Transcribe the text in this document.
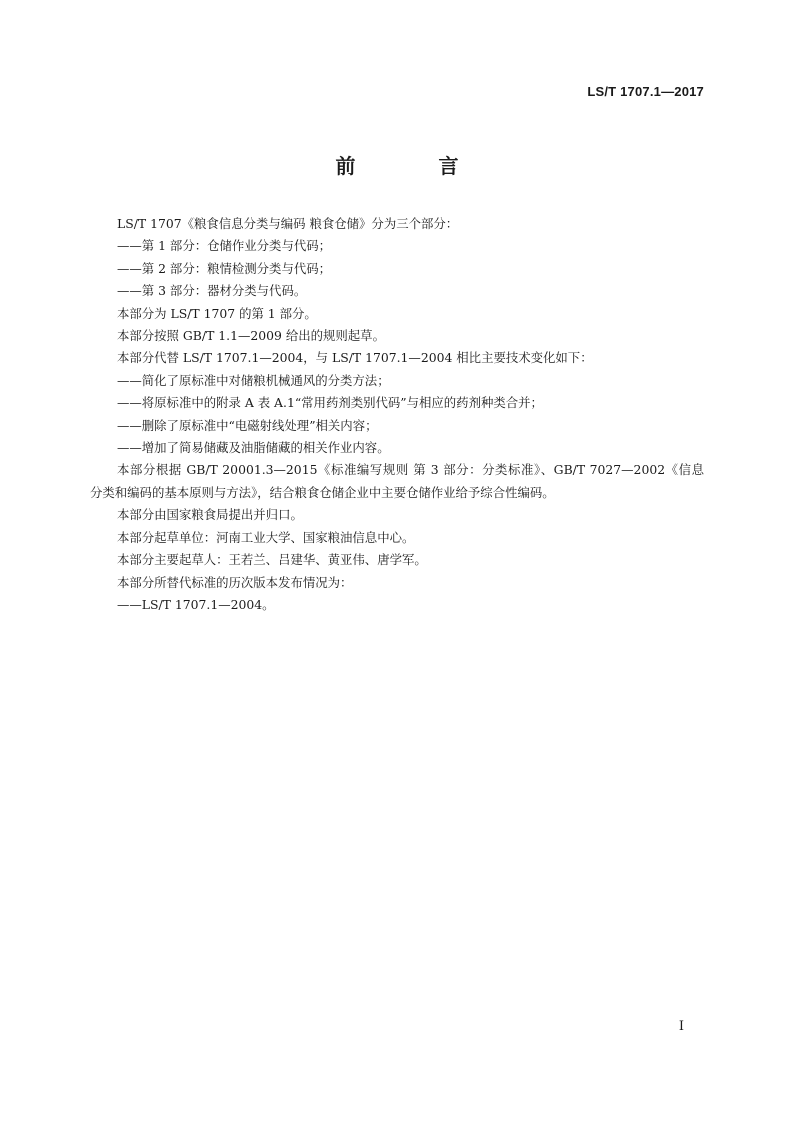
LS/T 1707.1—2017
前 言

LS/T 1707《粮食信息分类与编码 粮食仓储》分为三个部分：

——第 1 部分：仓储作业分类与代码；

——第 2 部分：粮情检测分类与代码；

——第 3 部分：器材分类与代码。

本部分为 LS/T 1707 的第 1 部分。

本部分按照 GB/T 1.1—2009 给出的规则起草。

本部分代替 LS/T 1707.1—2004，与 LS/T 1707.1—2004 相比主要技术变化如下：

——简化了原标准中对储粮机械通风的分类方法；

——将原标准中的附录 A 表 A.1“常用药剂类别代码”与相应的药剂种类合并；

——删除了原标准中“电磁射线处理”相关内容；

——增加了简易储藏及油脂储藏的相关作业内容。

本部分根据 GB/T 20001.3—2015《标准编写规则 第 3 部分：分类标准》、GB/T 7027—2002《信息

分类和编码的基本原则与方法》，结合粮食仓储企业中主要仓储作业给予综合性编码。

本部分由国家粮食局提出并归口。

本部分起草单位：河南工业大学、国家粮油信息中心。

本部分主要起草人：王若兰、吕建华、黄亚伟、唐学军。

本部分所替代标准的历次版本发布情况为：

——LS/T 1707.1—2004。

I
